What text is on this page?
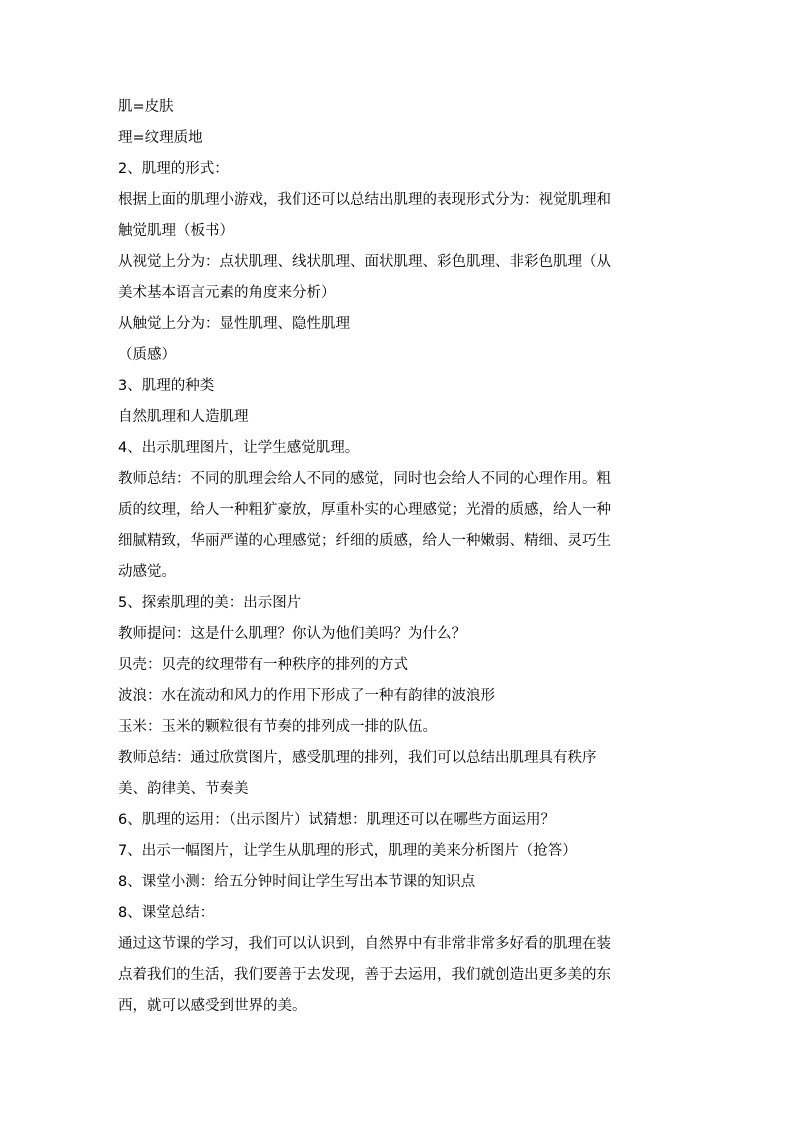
肌=皮肤
理=纹理质地
2、肌理的形式：
根据上面的肌理小游戏，我们还可以总结出肌理的表现形式分为：视觉肌理和
触觉肌理（板书）
从视觉上分为：点状肌理、线状肌理、面状肌理、彩色肌理、非彩色肌理（从
美术基本语言元素的角度来分析）
从触觉上分为：显性肌理、隐性肌理
（质感）
3、肌理的种类
自然肌理和人造肌理
4、出示肌理图片，让学生感觉肌理。
教师总结：不同的肌理会给人不同的感觉，同时也会给人不同的心理作用。粗
质的纹理，给人一种粗犷豪放，厚重朴实的心理感觉；光滑的质感，给人一种
细腻精致，华丽严谨的心理感觉；纤细的质感，给人一种嫩弱、精细、灵巧生
动感觉。
5、探索肌理的美：出示图片
教师提问：这是什么肌理？你认为他们美吗？为什么？
贝壳：贝壳的纹理带有一种秩序的排列的方式
波浪：水在流动和风力的作用下形成了一种有韵律的波浪形
玉米：玉米的颗粒很有节奏的排列成一排的队伍。
教师总结：通过欣赏图片，感受肌理的排列，我们可以总结出肌理具有秩序
美、韵律美、节奏美
6、肌理的运用：（出示图片）试猜想：肌理还可以在哪些方面运用？
7、出示一幅图片，让学生从肌理的形式，肌理的美来分析图片（抢答）
8、课堂小测：给五分钟时间让学生写出本节课的知识点
8、课堂总结：
通过这节课的学习，我们可以认识到，自然界中有非常非常多好看的肌理在装
点着我们的生活，我们要善于去发现，善于去运用，我们就创造出更多美的东
西，就可以感受到世界的美。
